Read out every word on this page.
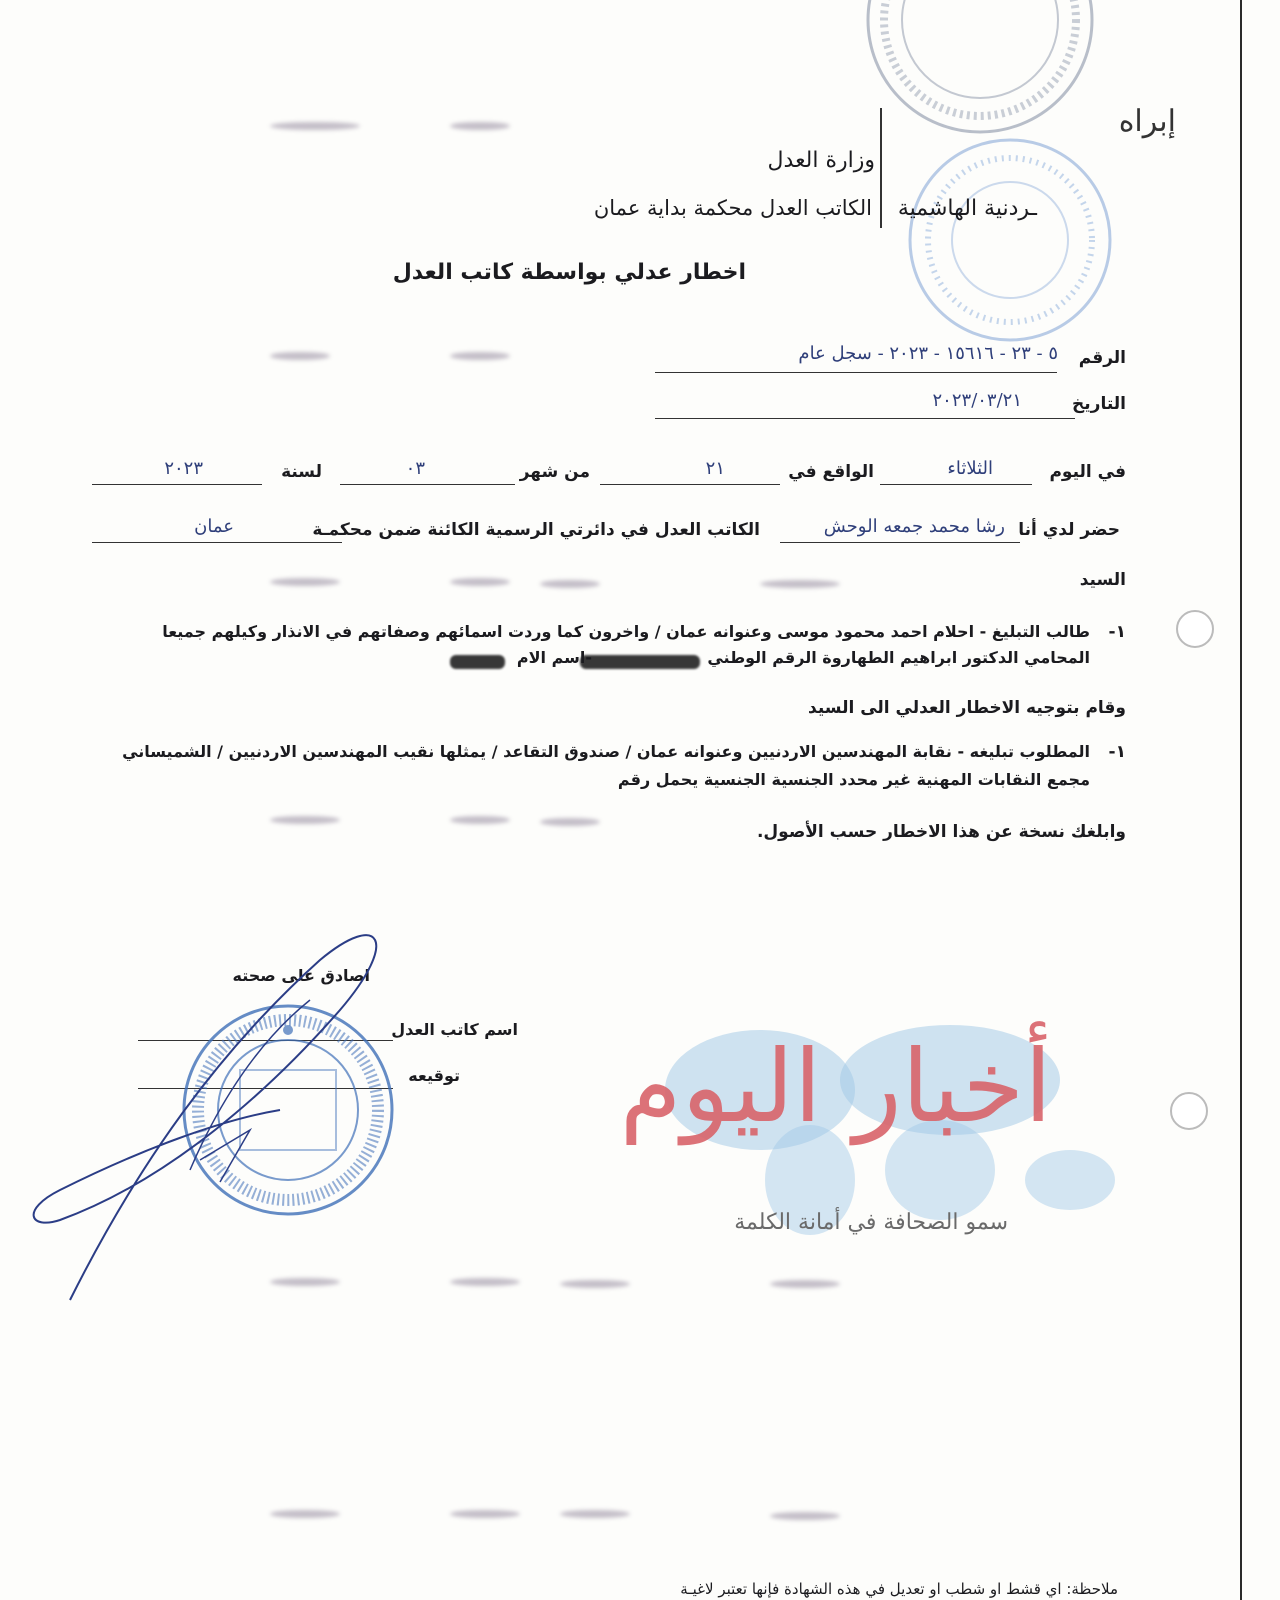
إبراه
وزارة العدل
ـردنية الهاشمية
الكاتب العدل محكمة بداية عمان
اخطار عدلي بواسطة كاتب العدل
الرقم
٥ - ٢٣ - ١٥٦١٦ - ٢٠٢٣ - سجل عام
التاريخ
٢٠٢٣/٠٣/٢١
في اليوم
الثلاثاء
الواقع في
٢١
من شهر
٠٣
لسنة
٢٠٢٣
حضر لدي أنا
رشا محمد جمعه الوحش
الكاتب العدل في دائرتي الرسمية الكائنة ضمن محكمـة
عمان
السيد
١-
طالب التبليغ - احلام احمد محمود موسى وعنوانه عمان / واخرون كما وردت اسمائهم وصفاتهم في الانذار وكيلهم جميعا
المحامي الدكتور ابراهيم الطهاروة الرقم الوطني
-اسم الام
وقام بتوجيه الاخطار العدلي الى السيد
١-
المطلوب تبليغه - نقابة المهندسين الاردنيين وعنوانه عمان / صندوق التقاعد / يمثلها نقيب المهندسين الاردنيين / الشميساني
مجمع النقابات المهنية غير محدد الجنسية الجنسية يحمل رقم
وابلغك نسخة عن هذا الاخطار حسب الأصول.
اصادق على صحته
اسم كاتب العدل
توقيعه أخبار اليوم
سمو الصحافة في أمانة الكلمة
ملاحظة: اي قشط او شطب او تعديل في هذه الشهادة فإنها تعتبر لاغيـة
